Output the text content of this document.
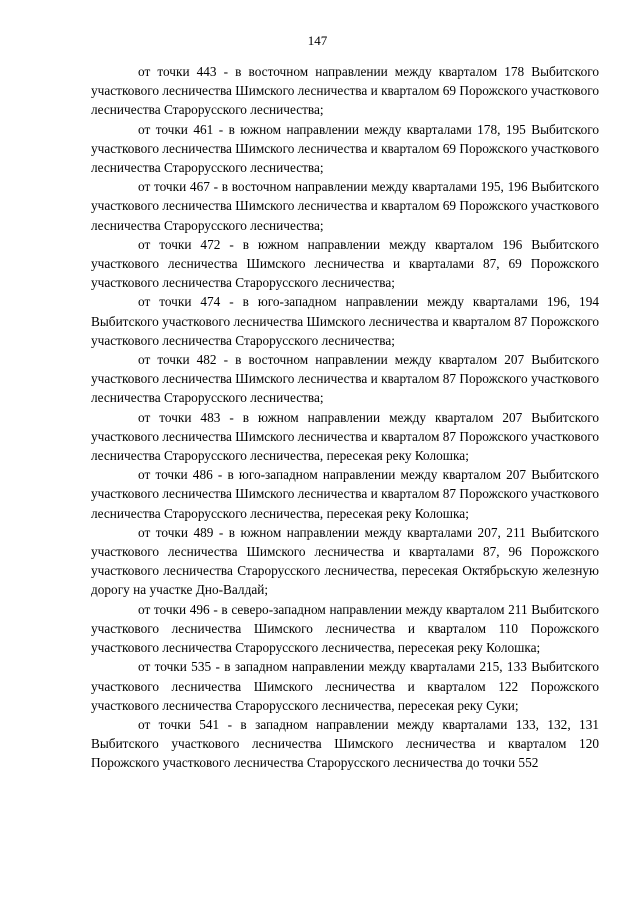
147

от точки 443 - в восточном направлении между кварталом 178 Выбитского участкового лесничества Шимского лесничества и кварталом 69 Порожского участкового лесничества Старорусского лесничества;

от точки 461 - в южном направлении между кварталами 178, 195 Выбитского участкового лесничества Шимского лесничества и кварталом 69 Порожского участкового лесничества Старорусского лесничества;

от точки 467 - в восточном направлении между кварталами 195, 196 Выбитского участкового лесничества Шимского лесничества и кварталом 69 Порожского участкового лесничества Старорусского лесничества;

от точки 472 - в южном направлении между кварталом 196 Выбитского участкового лесничества Шимского лесничества и кварталами 87, 69 Порожского участкового лесничества Старорусского лесничества;

от точки 474 - в юго-западном направлении между кварталами 196, 194 Выбитского участкового лесничества Шимского лесничества и кварталом 87 Порожского участкового лесничества Старорусского лесничества;

от точки 482 - в восточном направлении между кварталом 207 Выбитского участкового лесничества Шимского лесничества и кварталом 87 Порожского участкового лесничества Старорусского лесничества;

от точки 483 - в южном направлении между кварталом 207 Выбитского участкового лесничества Шимского лесничества и кварталом 87 Порожского участкового лесничества Старорусского лесничества, пересекая реку Колошка;

от точки 486 - в юго-западном направлении между кварталом 207 Выбитского участкового лесничества Шимского лесничества и кварталом 87 Порожского участкового лесничества Старорусского лесничества, пересекая реку Колошка;

от точки 489 - в южном направлении между кварталами 207, 211 Выбитского участкового лесничества Шимского лесничества и кварталами 87, 96 Порожского участкового лесничества Старорусского лесничества, пересекая Октябрьскую железную дорогу на участке Дно-Валдай;

от точки 496 - в северо-западном направлении между кварталом 211 Выбитского участкового лесничества Шимского лесничества и кварталом 110 Порожского участкового лесничества Старорусского лесничества, пересекая реку Колошка;

от точки 535 - в западном направлении между кварталами 215, 133 Выбитского участкового лесничества Шимского лесничества и кварталом 122 Порожского участкового лесничества Старорусского лесничества, пересекая реку Суки;

от точки 541 - в западном направлении между кварталами 133, 132, 131 Выбитского участкового лесничества Шимского лесничества и кварталом 120 Порожского участкового лесничества Старорусского лесничества до точки 552
